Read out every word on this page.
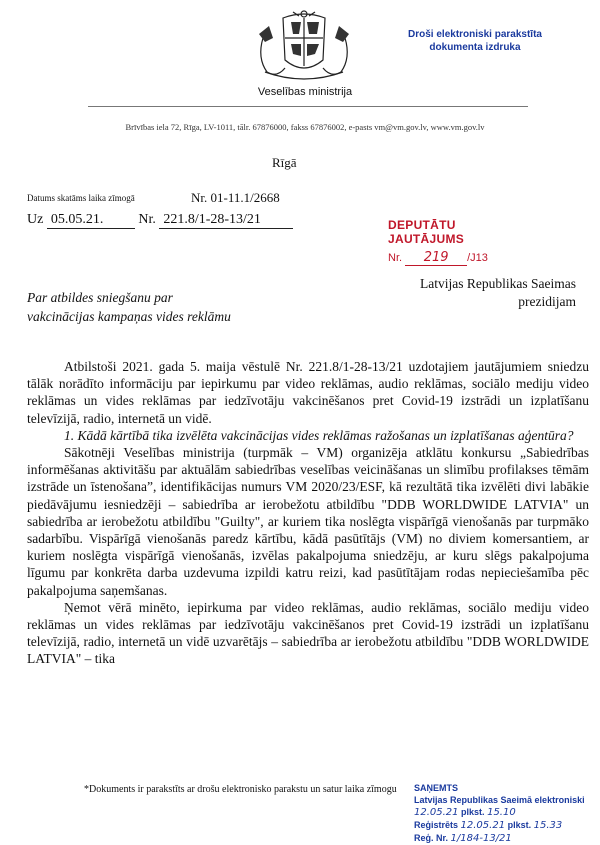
Veselības ministrija
Brīvības iela 72, Rīga, LV-1011, tālr. 67876000, fakss 67876002, e-pasts vm@vm.gov.lv, www.vm.gov.lv
Droši elektroniski parakstīta
dokumenta izdruka
Rīgā
Datums skatāms laika zīmogā	Nr. 01-11.1/2668
Uz 05.05.21.	Nr. 221.8/1-28-13/21	DEPUTĀTU JAUTĀJUMS
Nr. 219 /J13
Latvijas Republikas Saeimas
prezidijam
Par atbildes sniegšanu par
vakcinācijas kampaņas vides reklāmu

Atbilstoši 2021. gada 5. maija vēstulē Nr. 221.8/1-28-13/21 uzdotajiem jautājumiem sniedzu tālāk norādīto informāciju par iepirkumu par video reklāmas, audio reklāmas, sociālo mediju video reklāmas un vides reklāmas par iedzīvotāju vakcinēšanos pret Covid-19 izstrādi un izplatīšanu televīzijā, radio, internetā un vidē.

1. Kādā kārtībā tika izvēlēta vakcinācijas vides reklāmas ražošanas un izplatīšanas aģentūra?

Sākotnēji Veselības ministrija (turpmāk – VM) organizēja atklātu konkursu „Sabiedrības informēšanas aktivitāšu par aktuālām sabiedrības veselības veicināšanas un slimību profilakses tēmām izstrāde un īstenošana”, identifikācijas numurs VM 2020/23/ESF, kā rezultātā tika izvēlēti divi labākie piedāvājumu iesniedzēji – sabiedrība ar ierobežotu atbildību "DDB WORLDWIDE LATVIA" un sabiedrība ar ierobežotu atbildību "Guilty", ar kuriem tika noslēgta vispārīgā vienošanās par turpmāko sadarbību. Vispārīgā vienošanās paredz kārtību, kādā pasūtītājs (VM) no diviem komersantiem, ar kuriem noslēgta vispārīgā vienošanās, izvēlas pakalpojuma sniedzēju, ar kuru slēgs pakalpojuma līgumu par konkrēta darba uzdevuma izpildi katru reizi, kad pasūtītājam rodas nepieciešamība pēc pakalpojuma saņemšanas.

Ņemot vērā minēto, iepirkuma par video reklāmas, audio reklāmas, sociālo mediju video reklāmas un vides reklāmas par iedzīvotāju vakcinēšanos pret Covid-19 izstrādi un izplatīšanu televīzijā, radio, internetā un vidē uzvarētājs – sabiedrība ar ierobežotu atbildību "DDB WORLDWIDE LATVIA" – tika

*Dokuments ir parakstīts ar drošu elektronisko parakstu un satur laika zīmogu SAŅEMTS
Latvijas Republikas Saeimā elektroniski
12.05.21 plkst. 15.10
Reģistrēts 12.05.21 plkst. 15.33
Reģ. Nr. 1/184-13/21
